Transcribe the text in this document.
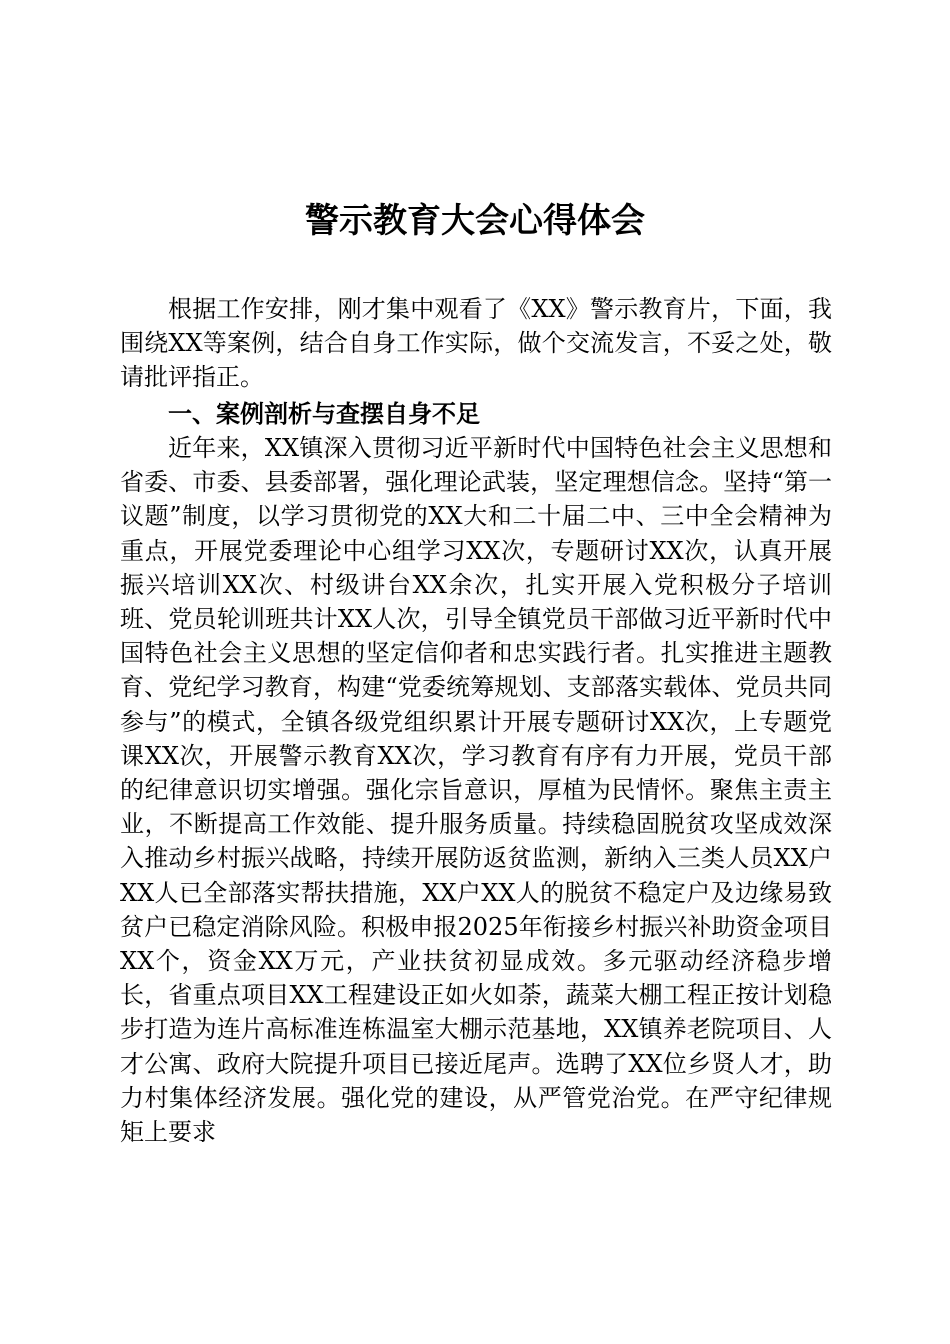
警示教育大会心得体会

根据工作安排，刚才集中观看了《XX》警示教育片，下面，我围绕XX等案例，结合自身工作实际，做个交流发言，不妥之处，敬请批评指正。

一、案例剖析与查摆自身不足

近年来，XX镇深入贯彻习近平新时代中国特色社会主义思想和省委、市委、县委部署，强化理论武装，坚定理想信念。坚持“第一议题”制度，以学习贯彻党的XX大和二十届二中、三中全会精神为重点，开展党委理论中心组学习XX次，专题研讨XX次，认真开展振兴培训XX次、村级讲台XX余次，扎实开展入党积极分子培训班、党员轮训班共计XX人次，引导全镇党员干部做习近平新时代中国特色社会主义思想的坚定信仰者和忠实践行者。扎实推进主题教育、党纪学习教育，构建“党委统筹规划、支部落实载体、党员共同参与”的模式，全镇各级党组织累计开展专题研讨XX次，上专题党课XX次，开展警示教育XX次，学习教育有序有力开展，党员干部的纪律意识切实增强。强化宗旨意识，厚植为民情怀。聚焦主责主业，不断提高工作效能、提升服务质量。持续稳固脱贫攻坚成效深入推动乡村振兴战略，持续开展防返贫监测，新纳入三类人员XX户XX人已全部落实帮扶措施，XX户XX人的脱贫不稳定户及边缘易致贫户已稳定消除风险。积极申报2025年衔接乡村振兴补助资金项目XX个，资金XX万元，产业扶贫初显成效。多元驱动经济稳步增长，省重点项目XX工程建设正如火如荼，蔬菜大棚工程正按计划稳步打造为连片高标准连栋温室大棚示范基地，XX镇养老院项目、人才公寓、政府大院提升项目已接近尾声。选聘了XX位乡贤人才，助力村集体经济发展。强化党的建设，从严管党治党。在严守纪律规矩上要求
